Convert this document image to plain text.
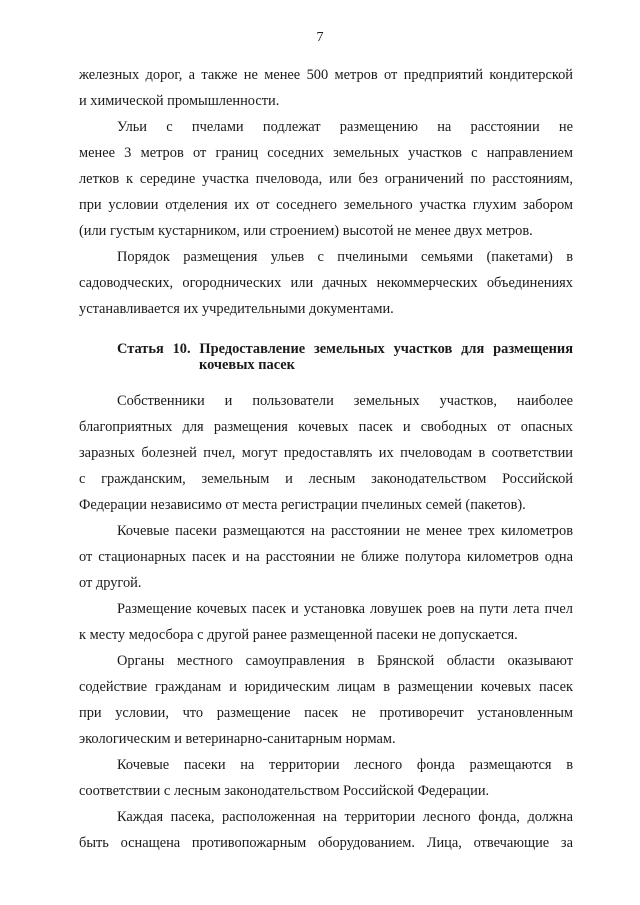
7
железных дорог, а также не менее 500 метров от предприятий кондитерской
и химической промышленности.
Ульи с пчелами подлежат размещению на расстоянии не
менее 3 метров от границ соседних земельных участков с направлением
летков к середине участка пчеловода, или без ограничений по расстояниям,
при условии отделения их от соседнего земельного участка глухим забором
(или густым кустарником, или строением) высотой не менее двух метров.
Порядок размещения ульев с пчелиными семьями (пакетами) в
садоводческих, огороднических или дачных некоммерческих объединениях
устанавливается их учредительными документами.
Статья 10. Предоставление земельных участков для размещения
кочевых пасек
Собственники и пользователи земельных участков, наиболее
благоприятных для размещения кочевых пасек и свободных от опасных
заразных болезней пчел, могут предоставлять их пчеловодам в соответствии
с гражданским, земельным и лесным законодательством Российской
Федерации независимо от места регистрации пчелиных семей (пакетов).
Кочевые пасеки размещаются на расстоянии не менее трех километров
от стационарных пасек и на расстоянии не ближе полутора километров одна
от другой.
Размещение кочевых пасек и установка ловушек роев на пути лета пчел
к месту медосбора с другой ранее размещенной пасеки не допускается.
Органы местного самоуправления в Брянской области оказывают
содействие гражданам и юридическим лицам в размещении кочевых пасек
при условии, что размещение пасек не противоречит установленным
экологическим и ветеринарно-санитарным нормам.
Кочевые пасеки на территории лесного фонда размещаются в
соответствии с лесным законодательством Российской Федерации.
Каждая пасека, расположенная на территории лесного фонда, должна
быть оснащена противопожарным оборудованием. Лица, отвечающие за
